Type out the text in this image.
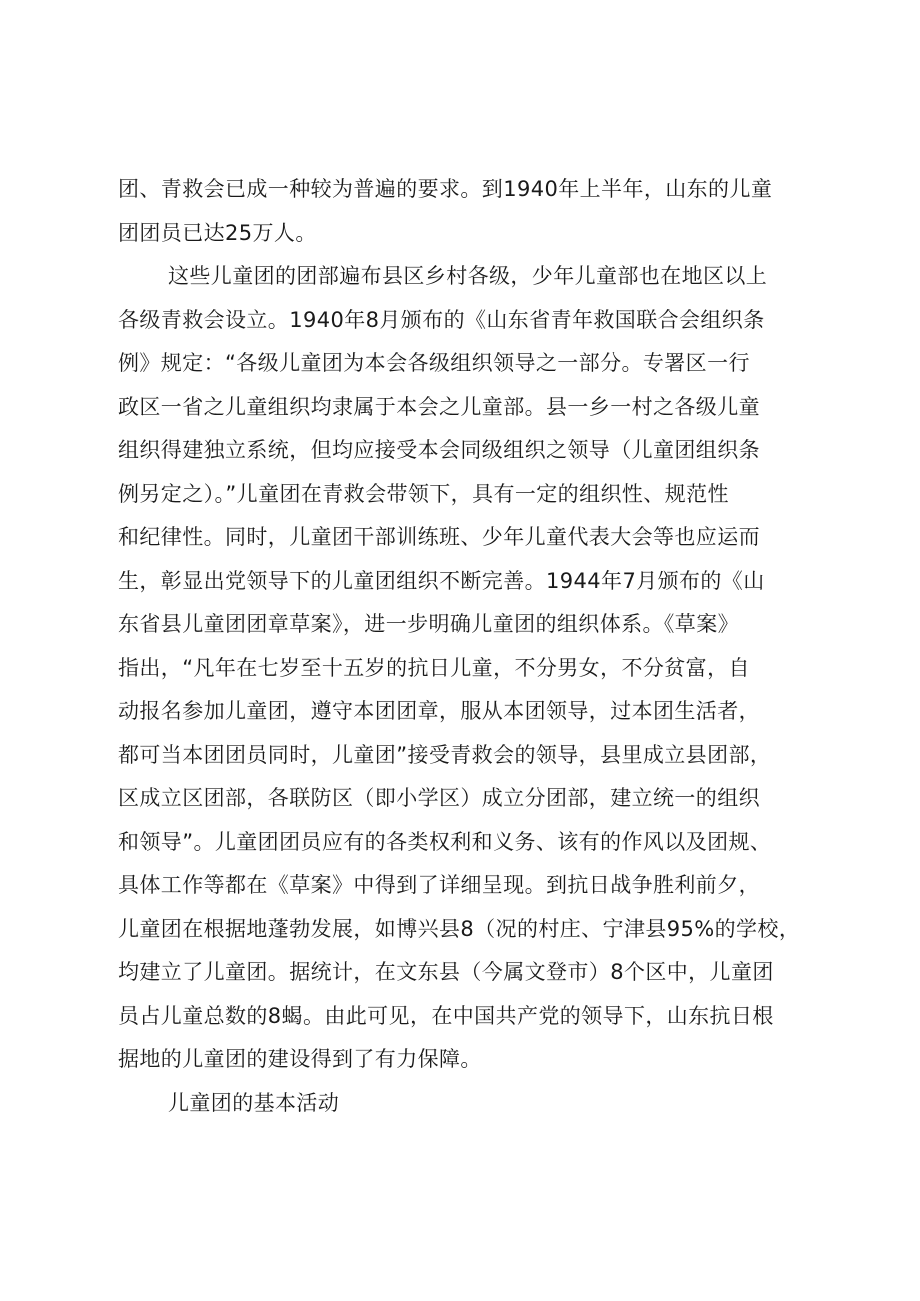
团、青救会已成一种较为普遍的要求。到1940年上半年，山东的儿童
团团员已达25万人。
这些儿童团的团部遍布县区乡村各级，少年儿童部也在地区以上
各级青救会设立。1940年8月颁布的《山东省青年救国联合会组织条
例》规定：“各级儿童团为本会各级组织领导之一部分。专署区一行
政区一省之儿童组织均隶属于本会之儿童部。县一乡一村之各级儿童
组织得建独立系统，但均应接受本会同级组织之领导（儿童团组织条
例另定之）。”儿童团在青救会带领下，具有一定的组织性、规范性
和纪律性。同时，儿童团干部训练班、少年儿童代表大会等也应运而
生，彰显出党领导下的儿童团组织不断完善。1944年7月颁布的《山
东省县儿童团团章草案》，进一步明确儿童团的组织体系。《草案》
指出，“凡年在七岁至十五岁的抗日儿童，不分男女，不分贫富，自
动报名参加儿童团，遵守本团团章，服从本团领导，过本团生活者，
都可当本团团员同时，儿童团”接受青救会的领导，县里成立县团部，
区成立区团部，各联防区（即小学区）成立分团部，建立统一的组织
和领导”。儿童团团员应有的各类权利和义务、该有的作风以及团规、
具体工作等都在《草案》中得到了详细呈现。到抗日战争胜利前夕，
儿童团在根据地蓬勃发展，如博兴县8（况的村庄、宁津县95%的学校，
均建立了儿童团。据统计，在文东县（今属文登市）8个区中，儿童团
员占儿童总数的8蝎。由此可见，在中国共产党的领导下，山东抗日根
据地的儿童团的建设得到了有力保障。
儿童团的基本活动
